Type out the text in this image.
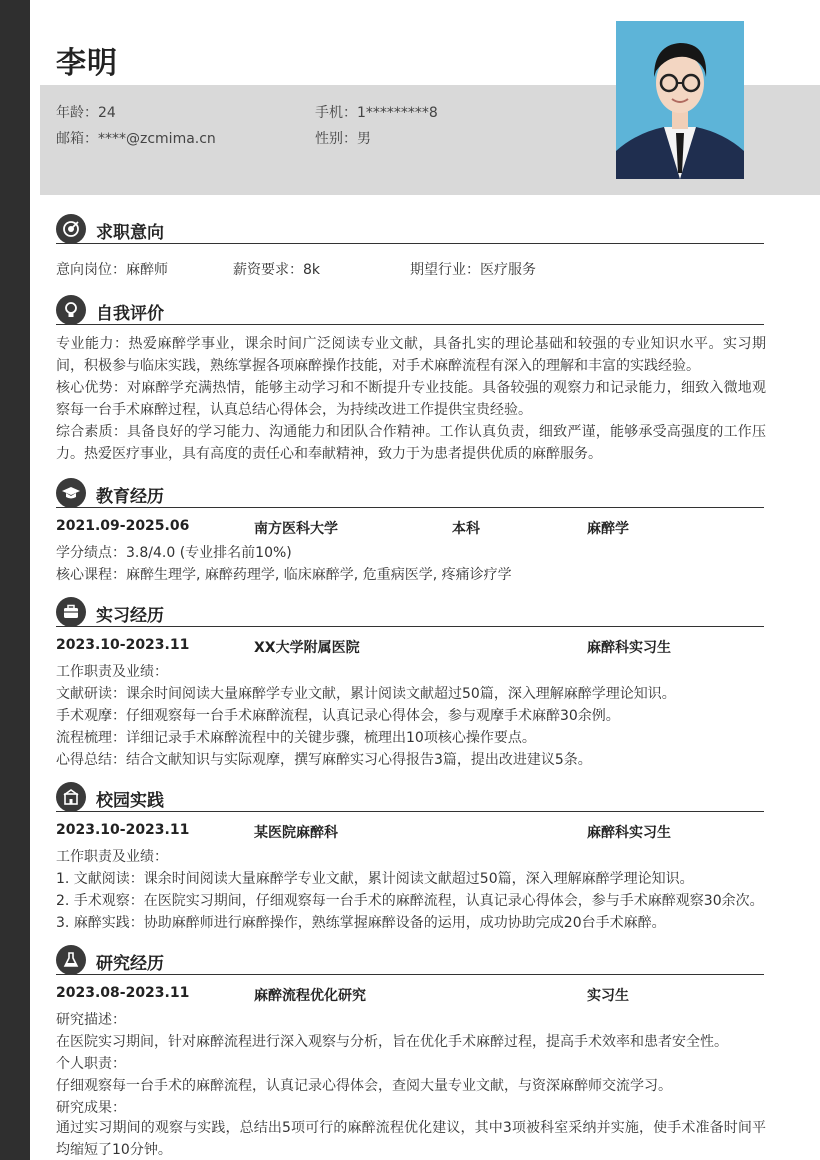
李明
年龄：24	手机：1*********8
邮箱：****@zcmima.cn	性别：男
求职意向
意向岗位：麻醉师	薪资要求：8k	期望行业：医疗服务
自我评价
专业能力：热爱麻醉学事业，课余时间广泛阅读专业文献，具备扎实的理论基础和较强的专业知识水平。实习期间，积极参与临床实践，熟练掌握各项麻醉操作技能，对手术麻醉流程有深入的理解和丰富的实践经验。
核心优势：对麻醉学充满热情，能够主动学习和不断提升专业技能。具备较强的观察力和记录能力，细致入微地观察每一台手术麻醉过程，认真总结心得体会，为持续改进工作提供宝贵经验。
综合素质：具备良好的学习能力、沟通能力和团队合作精神。工作认真负责，细致严谨，能够承受高强度的工作压力。热爱医疗事业，具有高度的责任心和奉献精神，致力于为患者提供优质的麻醉服务。
教育经历
2021.09-2025.06	南方医科大学	本科	麻醉学
学分绩点：3.8/4.0 (专业排名前10%)
核心课程：麻醉生理学, 麻醉药理学, 临床麻醉学, 危重病医学, 疼痛诊疗学
实习经历
2023.10-2023.11	XX大学附属医院	麻醉科实习生
工作职责及业绩：
文献研读：课余时间阅读大量麻醉学专业文献，累计阅读文献超过50篇，深入理解麻醉学理论知识。
手术观摩：仔细观察每一台手术麻醉流程，认真记录心得体会，参与观摩手术麻醉30余例。
流程梳理：详细记录手术麻醉流程中的关键步骤，梳理出10项核心操作要点。
心得总结：结合文献知识与实际观摩，撰写麻醉实习心得报告3篇，提出改进建议5条。
校园实践
2023.10-2023.11	某医院麻醉科	麻醉科实习生
工作职责及业绩：
1. 文献阅读：课余时间阅读大量麻醉学专业文献，累计阅读文献超过50篇，深入理解麻醉学理论知识。
2. 手术观察：在医院实习期间，仔细观察每一台手术的麻醉流程，认真记录心得体会，参与手术麻醉观察30余次。
3. 麻醉实践：协助麻醉师进行麻醉操作，熟练掌握麻醉设备的运用，成功协助完成20台手术麻醉。
研究经历
2023.08-2023.11	麻醉流程优化研究	实习生
研究描述：
在医院实习期间，针对麻醉流程进行深入观察与分析，旨在优化手术麻醉过程，提高手术效率和患者安全性。
个人职责：
仔细观察每一台手术的麻醉流程，认真记录心得体会，查阅大量专业文献，与资深麻醉师交流学习。
研究成果：
通过实习期间的观察与实践，总结出5项可行的麻醉流程优化建议，其中3项被科室采纳并实施，使手术准备时间平均缩短了10分钟。
